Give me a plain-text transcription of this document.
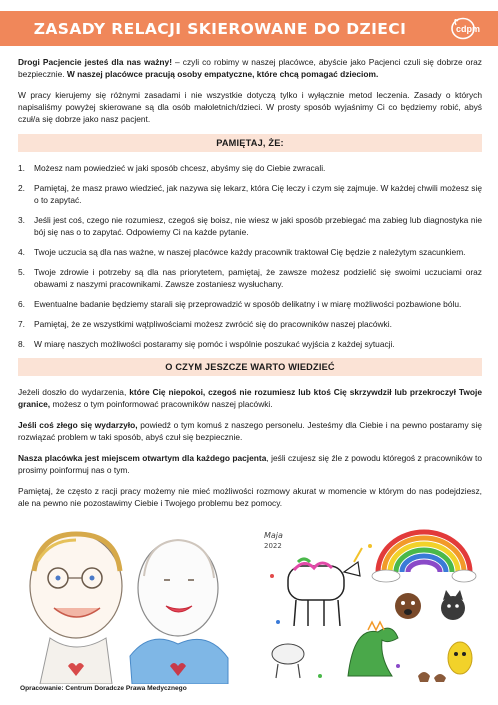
ZASADY RELACJI SKIEROWANE DO DZIECI	cdpm

Drogi Pacjencie jesteś dla nas ważny! – czyli co robimy w naszej placówce, abyście jako Pacjenci czuli się dobrze oraz bezpiecznie. W naszej placówce pracują osoby empatyczne, które chcą pomagać dzieciom.

W pracy kierujemy się różnymi zasadami i nie wszystkie dotyczą tylko i wyłącznie metod leczenia. Zasady o których napisaliśmy powyżej skierowane są dla osób małoletnich/dzieci. W prosty sposób wyjaśnimy Ci co będziemy robić, abyś czuł/a się dobrze jako nasz pacjent.

PAMIĘTAJ, ŻE:
1.	Możesz nam powiedzieć w jaki sposób chcesz, abyśmy się do Ciebie zwracali.
2.	Pamiętaj, że masz prawo wiedzieć, jak nazywa się lekarz, która Cię leczy i czym się zajmuje. W każdej chwili możesz się o to zapytać.
3.	Jeśli jest coś, czego nie rozumiesz, czegoś się boisz, nie wiesz w jaki sposób przebiegać ma zabieg lub diagnostyka nie bój się nas o to zapytać. Odpowiemy Ci na każde pytanie.
4.	Twoje uczucia są dla nas ważne, w naszej placówce każdy pracownik traktował Cię będzie z należytym szacunkiem.
5.	Twoje zdrowie i potrzeby są dla nas priorytetem, pamiętaj, że zawsze możesz podzielić się swoimi uczuciami oraz obawami z naszymi pracownikami. Zawsze zostaniesz wysłuchany.
6.	Ewentualne badanie będziemy starali się przeprowadzić w sposób delikatny i w miarę możliwości pozbawione bólu.
7.	Pamiętaj, że ze wszystkimi wątpliwościami możesz zwrócić się do pracowników naszej placówki.
8.	W miarę naszych możliwości postaramy się pomóc i wspólnie poszukać wyjścia z każdej sytuacji.
O CZYM JESZCZE WARTO WIEDZIEĆ

Jeżeli doszło do wydarzenia, które Cię niepokoi, czegoś nie rozumiesz lub ktoś Cię skrzywdził lub przekroczył Twoje granice, możesz o tym poinformować pracowników naszej placówki.

Jeśli coś złego się wydarzyło, powiedź o tym komuś z naszego personelu. Jesteśmy dla Ciebie i na pewno postaramy się rozwiązać problem w taki sposób, abyś czuł się bezpiecznie.

Nasza placówka jest miejscem otwartym dla każdego pacjenta, jeśli czujesz się źle z powodu któregoś z pracowników to prosimy poinformuj nas o tym.

Pamiętaj, że często z racji pracy możemy nie mieć możliwości rozmowy akurat w momencie w którym do nas podejdziesz, ale na pewno nie pozostawimy Ciebie i Twojego problemu bez pomocy.

Maja
2022
Opracowanie: Centrum Doradcze Prawa Medycznego
